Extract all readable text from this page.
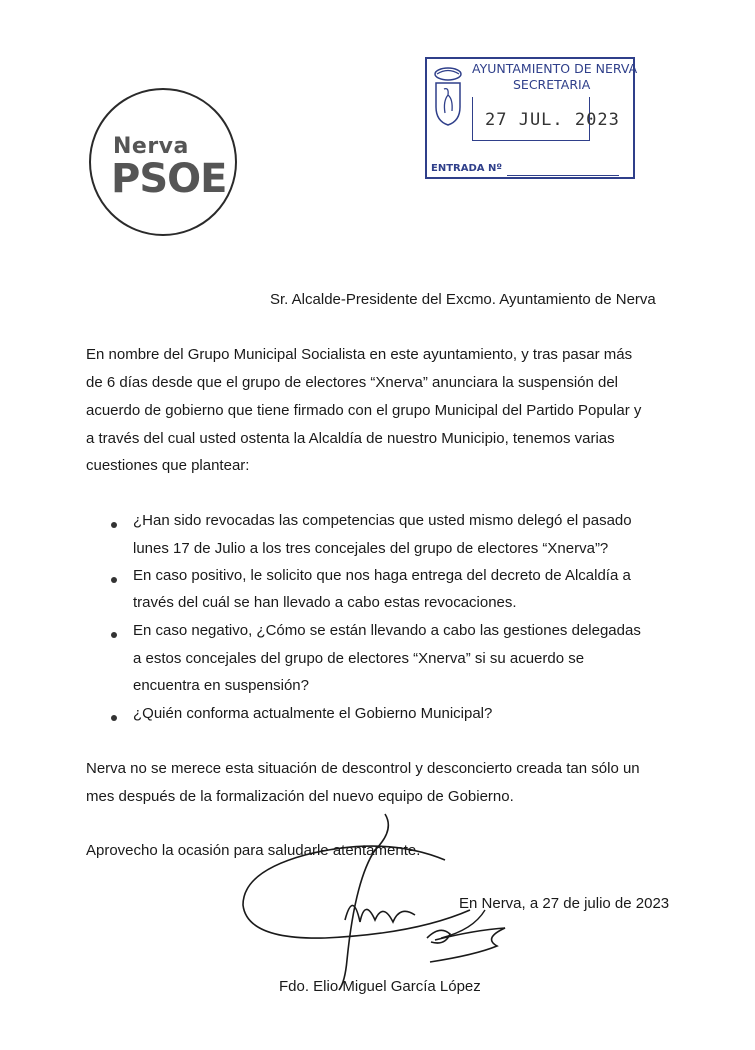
Nerva
PSOE
AYUNTAMIENTO DE NERVA
SECRETARIA
27 JUL. 2023
ENTRADA Nº
Sr. Alcalde-Presidente del Excmo. Ayuntamiento de Nerva
En nombre del Grupo Municipal Socialista en este ayuntamiento, y tras pasar más
de 6 días desde que el grupo de electores “Xnerva” anunciara la suspensión del
acuerdo de gobierno que tiene firmado con el grupo Municipal del Partido Popular y
a través del cual usted ostenta la Alcaldía de nuestro Municipio, tenemos varias
cuestiones que plantear:
¿Han sido revocadas las competencias que usted mismo delegó el pasado
lunes 17 de Julio a los tres concejales del grupo de electores “Xnerva”?
En caso positivo, le solicito que nos haga entrega del decreto de Alcaldía a
través del cuál se han llevado a cabo estas revocaciones.
En caso negativo, ¿Cómo se están llevando a cabo las gestiones delegadas
a estos concejales del grupo de electores “Xnerva” si su acuerdo se
encuentra en suspensión?
¿Quién conforma actualmente el Gobierno Municipal?
Nerva no se merece esta situación de descontrol y desconcierto creada tan sólo un
mes después de la formalización del nuevo equipo de Gobierno.
Aprovecho la ocasión para saludarle atentamente.
En Nerva, a 27 de julio de 2023
Fdo. Elio Miguel García López
